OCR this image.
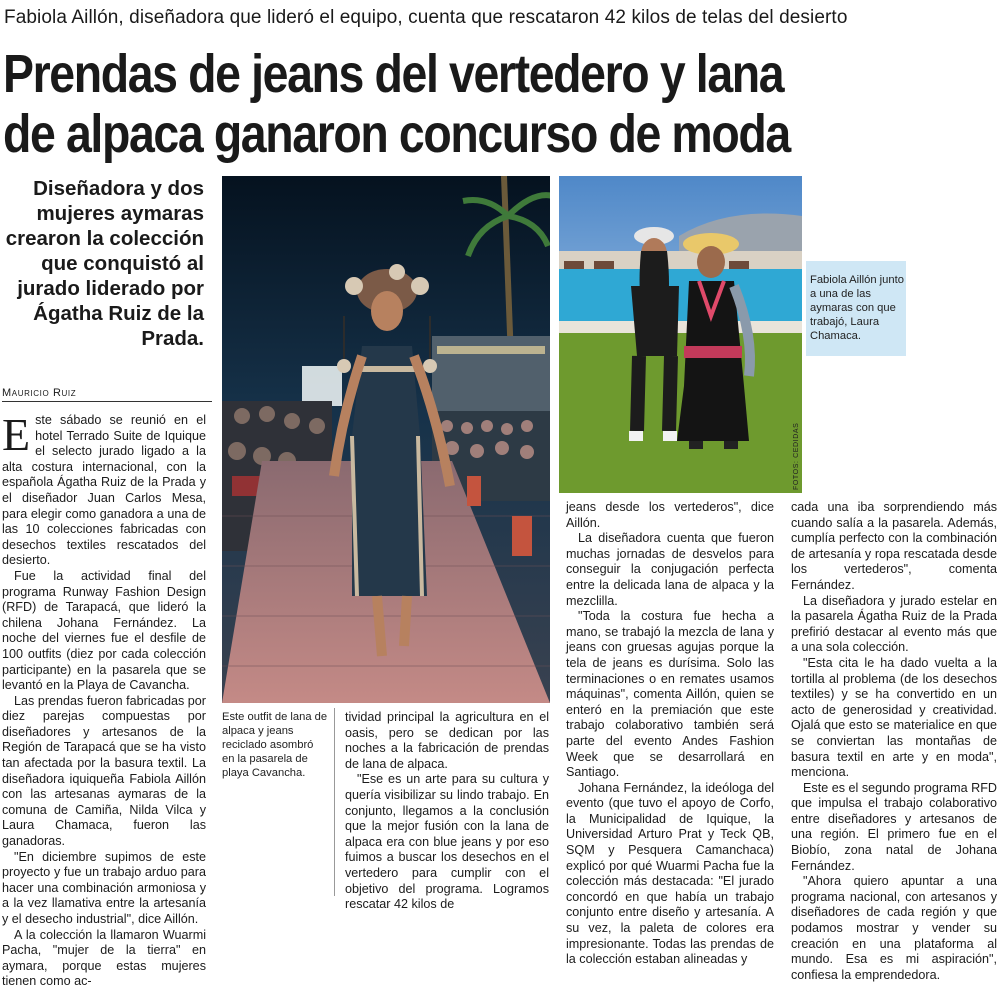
Fabiola Aillón, diseñadora que lideró el equipo, cuenta que rescataron 42 kilos de telas del desierto
Prendas de jeans del vertedero y lana
de alpaca ganaron concurso de moda
Diseñadora y dos mujeres aymaras crearon la colección que conquistó al jurado liderado por Ágatha Ruiz de la Prada.
Mauricio Ruiz
FOTOS: CEDIDAS
Fabiola Aillón junto a una de las aymaras con que trabajó, Laura Chamaca.
Este outfit de lana de alpaca y jeans reciclado asombró en la pasarela de playa Cavancha.

Este sábado se reunió en el hotel Terrado Suite de Iquique el selecto jurado ligado a la alta costura internacional, con la española Ágatha Ruiz de la Prada y el diseñador Juan Carlos Mesa, para elegir como ganadora a una de las 10 colecciones fabricadas con desechos textiles rescatados del desierto.

Fue la actividad final del programa Runway Fashion Design (RFD) de Tarapacá, que lideró la chilena Johana Fernández. La noche del viernes fue el desfile de 100 outfits (diez por cada colección participante) en la pasarela que se levantó en la Playa de Cavancha.

Las prendas fueron fabricadas por diez parejas compuestas por diseñadores y artesanos de la Región de Tarapacá que se ha visto tan afectada por la basura textil. La diseñadora iquiqueña Fabiola Aillón con las artesanas aymaras de la comuna de Camiña, Nilda Vilca y Laura Chamaca, fueron las ganadoras.

"En diciembre supimos de este proyecto y fue un trabajo arduo para hacer una combinación armoniosa y a la vez llamativa entre la artesanía y el desecho industrial", dice Aillón.

A la colección la llamaron Wuarmi Pacha, "mujer de la tierra" en aymara, porque estas mujeres tienen como ac-

tividad principal la agricultura en el oasis, pero se dedican por las noches a la fabricación de prendas de lana de alpaca.

"Ese es un arte para su cultura y quería visibilizar su lindo trabajo. En conjunto, llegamos a la conclusión que la mejor fusión con la lana de alpaca era con blue jeans y por eso fuimos a buscar los desechos en el vertedero para cumplir con el objetivo del programa. Logramos rescatar 42 kilos de

jeans desde los vertederos", dice Aillón.

La diseñadora cuenta que fueron muchas jornadas de desvelos para conseguir la conjugación perfecta entre la delicada lana de alpaca y la mezclilla.

"Toda la costura fue hecha a mano, se trabajó la mezcla de lana y jeans con gruesas agujas porque la tela de jeans es durísima. Solo las terminaciones o en remates usamos máquinas", comenta Aillón, quien se enteró en la premiación que este trabajo colaborativo también será parte del evento Andes Fashion Week que se desarrollará en Santiago.

Johana Fernández, la ideóloga del evento (que tuvo el apoyo de Corfo, la Municipalidad de Iquique, la Universidad Arturo Prat y Teck QB, SQM y Pesquera Camanchaca) explicó por qué Wuarmi Pacha fue la colección más destacada: "El jurado concordó en que había un trabajo conjunto entre diseño y artesanía. A su vez, la paleta de colores era impresionante. Todas las prendas de la colección estaban alineadas y

cada una iba sorprendiendo más cuando salía a la pasarela. Además, cumplía perfecto con la combinación de artesanía y ropa rescatada desde los vertederos", comenta Fernández.

La diseñadora y jurado estelar en la pasarela Ágatha Ruiz de la Prada prefirió destacar al evento más que a una sola colección.

"Esta cita le ha dado vuelta a la tortilla al problema (de los desechos textiles) y se ha convertido en un acto de generosidad y creatividad. Ojalá que esto se materialice en que se conviertan las montañas de basura textil en arte y en moda", menciona.

Este es el segundo programa RFD que impulsa el trabajo colaborativo entre diseñadores y artesanos de una región. El primero fue en el Biobío, zona natal de Johana Fernández.

"Ahora quiero apuntar a una programa nacional, con artesanos y diseñadores de cada región y que podamos mostrar y vender su creación en una plataforma al mundo. Esa es mi aspiración", confiesa la emprendedora.
